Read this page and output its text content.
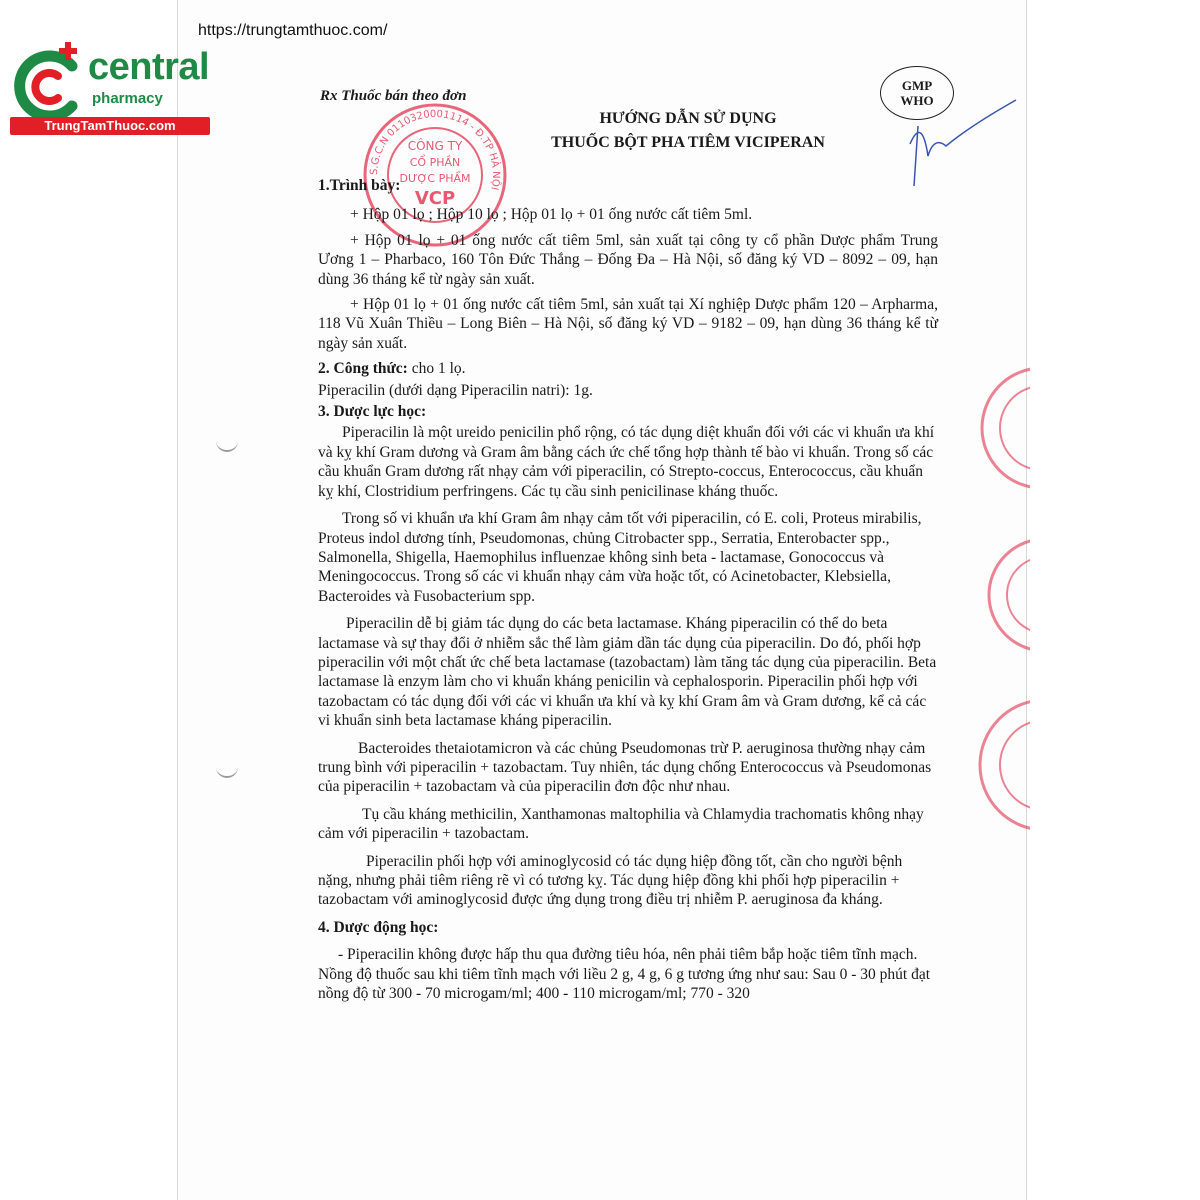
https://trungtamthuoc.com/
central
pharmacy
TrungTamThuoc.com
Rx Thuốc bán theo đơn
GMP
WHO
HƯỚNG DẪN SỬ DỤNG
THUỐC BỘT PHA TIÊM VICIPERAN
S.G.C.N 0110320001114 - Đ.TP HÀ NỘI
CÔNG TY
CỔ PHẦN
DƯỢC PHẨM
VCP

1.Trình bày:

+ Hộp 01 lọ ; Hộp 10 lọ ; Hộp 01 lọ + 01 ống nước cất tiêm 5ml.

+ Hộp 01 lọ + 01 ống nước cất tiêm 5ml, sản xuất tại công ty cổ phần Dược phẩm Trung Ương 1 – Pharbaco, 160 Tôn Đức Thắng – Đống Đa – Hà Nội, số đăng ký VD – 8092 – 09, hạn dùng 36 tháng kể từ ngày sản xuất.

+ Hộp 01 lọ + 01 ống nước cất tiêm 5ml, sản xuất tại Xí nghiệp Dược phẩm 120 – Arpharma, 118 Vũ Xuân Thiều – Long Biên – Hà Nội, số đăng ký VD – 9182 – 09, hạn dùng 36 tháng kể từ ngày sản xuất.

2. Công thức: cho 1 lọ.

Piperacilin (dưới dạng Piperacilin natri): 1g.

3. Dược lực học:

Piperacilin là một ureido penicilin phổ rộng, có tác dụng diệt khuẩn đối với các vi khuẩn ưa khí và kỵ khí Gram dương và Gram âm bằng cách ức chế tổng hợp thành tế bào vi khuẩn. Trong số các cầu khuẩn Gram dương rất nhạy cảm với piperacilin, có Strepto-coccus, Enterococcus, cầu khuẩn kỵ khí, Clostridium perfringens. Các tụ cầu sinh penicilinase kháng thuốc.

Trong số vi khuẩn ưa khí Gram âm nhạy cảm tốt với piperacilin, có E. coli, Proteus mirabilis, Proteus indol dương tính, Pseudomonas, chủng Citrobacter spp., Serratia, Enterobacter spp., Salmonella, Shigella, Haemophilus influenzae không sinh beta - lactamase, Gonococcus và Meningococcus. Trong số các vi khuẩn nhạy cảm vừa hoặc tốt, có Acinetobacter, Klebsiella, Bacteroides và Fusobacterium spp.

Piperacilin dễ bị giảm tác dụng do các beta lactamase. Kháng piperacilin có thể do beta lactamase và sự thay đổi ở nhiễm sắc thể làm giảm dần tác dụng của piperacilin. Do đó, phối hợp piperacilin với một chất ức chế beta lactamase (tazobactam) làm tăng tác dụng của piperacilin. Beta lactamase là enzym làm cho vi khuẩn kháng penicilin và cephalosporin. Piperacilin phối hợp với tazobactam có tác dụng đối với các vi khuẩn ưa khí và kỵ khí Gram âm và Gram dương, kể cả các vi khuẩn sinh beta lactamase kháng piperacilin.

Bacteroides thetaiotamicron và các chủng Pseudomonas trừ P. aeruginosa thường nhạy cảm trung bình với piperacilin + tazobactam. Tuy nhiên, tác dụng chống Enterococcus và Pseudomonas của piperacilin + tazobactam và của piperacilin đơn độc như nhau.

Tụ cầu kháng methicilin, Xanthamonas maltophilia và Chlamydia trachomatis không nhạy cảm với piperacilin + tazobactam.

Piperacilin phối hợp với aminoglycosid có tác dụng hiệp đồng tốt, cần cho người bệnh nặng, nhưng phải tiêm riêng rẽ vì có tương kỵ. Tác dụng hiệp đồng khi phối hợp piperacilin + tazobactam với aminoglycosid được ứng dụng trong điều trị nhiễm P. aeruginosa đa kháng.

4. Dược động học:

- Piperacilin không được hấp thu qua đường tiêu hóa, nên phải tiêm bắp hoặc tiêm tĩnh mạch. Nồng độ thuốc sau khi tiêm tĩnh mạch với liều 2 g, 4 g, 6 g tương ứng như sau: Sau 0 - 30 phút đạt nồng độ từ 300 - 70 microgam/ml; 400 - 110 microgam/ml; 770 - 320
